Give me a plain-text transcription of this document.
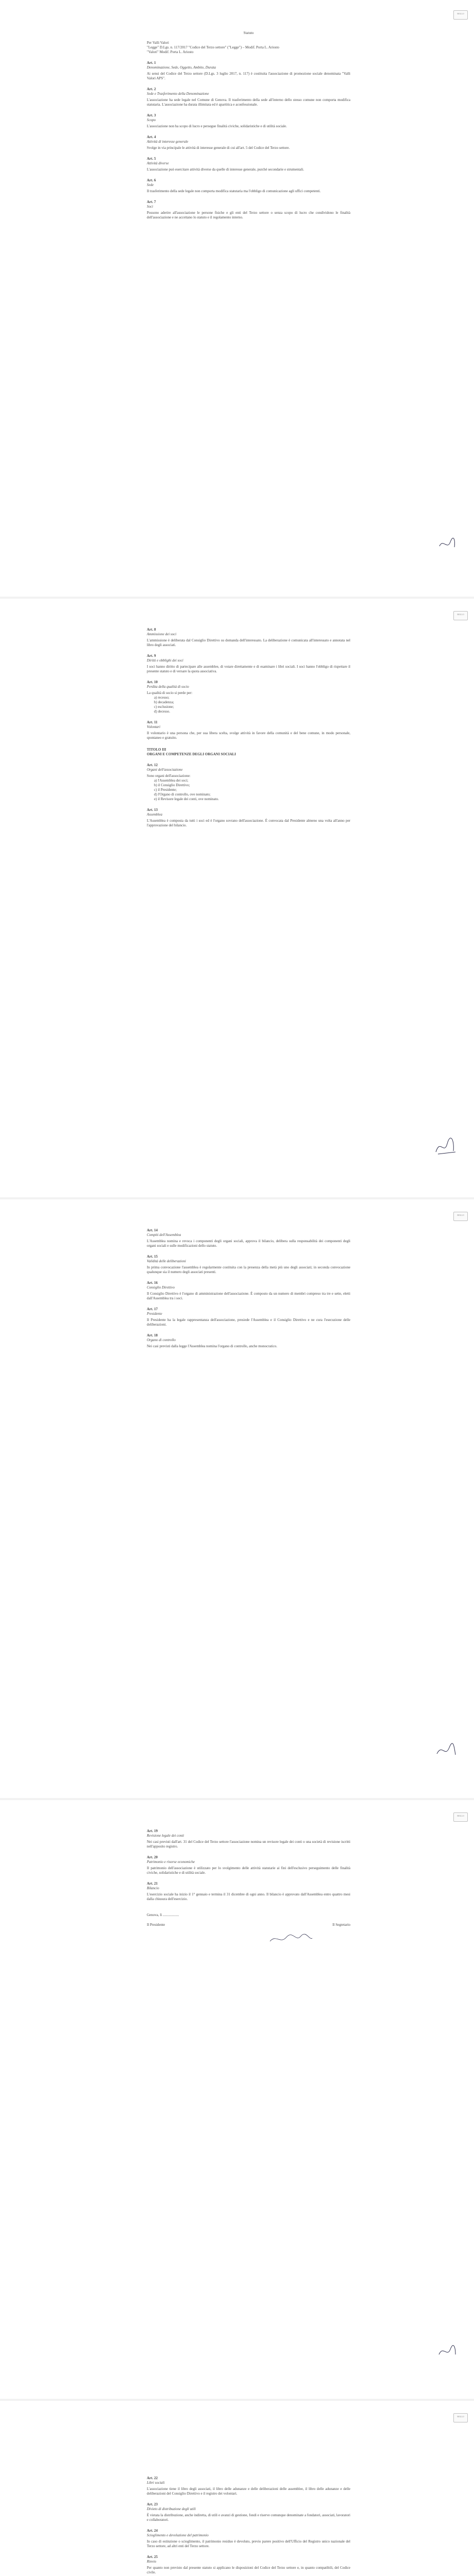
Statuto
Per Valli Valori
"Legge" D.Lgs. n. 117/2017 "Codice del Terzo settore" ("Legge") – Modif. Porta L. Ariosto
"Valori" Modif. Porta L. Ariosto
Art. 1
Denominazione, Sede, Oggetto, Ambito, Durata
Ai sensi del Codice del Terzo settore (D.Lgs. 3 luglio 2017, n. 117) è costituita l'associazione di promozione sociale denominata "Valli Valori APS".
Art. 2
Sede e Trasferimento della Denominazione
L'associazione ha sede legale nel Comune di Genova. Il trasferimento della sede all'interno dello stesso comune non comporta modifica statutaria. L'associazione ha durata illimitata ed è apartitica e aconfessionale.
Art. 3
Scopo
L'associazione non ha scopo di lucro e persegue finalità civiche, solidaristiche e di utilità sociale.
Art. 4
Attività di interesse generale
Svolge in via principale le attività di interesse generale di cui all'art. 5 del Codice del Terzo settore.
Art. 5
Attività diverse
L'associazione può esercitare attività diverse da quelle di interesse generale, purché secondarie e strumentali.
Art. 6
Sede
Il trasferimento della sede legale non comporta modifica statutaria ma l'obbligo di comunicazione agli uffici competenti.
Art. 7
Soci
Possono aderire all'associazione le persone fisiche e gli enti del Terzo settore o senza scopo di lucro che condividono le finalità dell'associazione e ne accettano lo statuto e il regolamento interno.
BOLLO
Art. 8
Ammissione dei soci
L'ammissione è deliberata dal Consiglio Direttivo su domanda dell'interessato. La deliberazione è comunicata all'interessato e annotata nel libro degli associati.
Art. 9
Diritti e obblighi dei soci
I soci hanno diritto di partecipare alle assemblee, di votare direttamente e di esaminare i libri sociali. I soci hanno l'obbligo di rispettare il presente statuto e di versare la quota associativa.
Art. 10
Perdita della qualità di socio
La qualità di socio si perde per:
a) recesso;
b) decadenza;
c) esclusione;
d) decesso.
Art. 11
Volontari
Il volontario è una persona che, per sua libera scelta, svolge attività in favore della comunità e del bene comune, in modo personale, spontaneo e gratuito.
TITOLO III
ORGANI E COMPETENZE DEGLI ORGANI SOCIALI
Art. 12
Organi dell'associazione
Sono organi dell'associazione:
a) l'Assemblea dei soci;
b) il Consiglio Direttivo;
c) il Presidente;
d) l'Organo di controllo, ove nominato;
e) il Revisore legale dei conti, ove nominato.
Art. 13
Assemblea
L'Assemblea è composta da tutti i soci ed è l'organo sovrano dell'associazione. È convocata dal Presidente almeno una volta all'anno per l'approvazione del bilancio.
BOLLO
Art. 14
Compiti dell'Assemblea
L'Assemblea nomina e revoca i componenti degli organi sociali, approva il bilancio, delibera sulla responsabilità dei componenti degli organi sociali e sulle modificazioni dello statuto.
Art. 15
Validità delle deliberazioni
In prima convocazione l'assemblea è regolarmente costituita con la presenza della metà più uno degli associati; in seconda convocazione qualunque sia il numero degli associati presenti.
Art. 16
Consiglio Direttivo
Il Consiglio Direttivo è l'organo di amministrazione dell'associazione. È composto da un numero di membri compreso tra tre e sette, eletti dall'Assemblea tra i soci.
Art. 17
Presidente
Il Presidente ha la legale rappresentanza dell'associazione, presiede l'Assemblea e il Consiglio Direttivo e ne cura l'esecuzione delle deliberazioni.
Art. 18
Organo di controllo
Nei casi previsti dalla legge l'Assemblea nomina l'organo di controllo, anche monocratico.
BOLLO
Art. 19
Revisione legale dei conti
Nei casi previsti dall'art. 31 del Codice del Terzo settore l'associazione nomina un revisore legale dei conti o una società di revisione iscritti nell'apposito registro.
Art. 20
Patrimonio e risorse economiche
Il patrimonio dell'associazione è utilizzato per lo svolgimento delle attività statutarie ai fini dell'esclusivo perseguimento delle finalità civiche, solidaristiche e di utilità sociale.
Art. 21
Bilancio
L'esercizio sociale ha inizio il 1° gennaio e termina il 31 dicembre di ogni anno. Il bilancio è approvato dall'Assemblea entro quattro mesi dalla chiusura dell'esercizio.
Genova, lì ..................
Il Presidente	Il Segretario
BOLLO
Art. 22
Libri sociali
L'associazione tiene il libro degli associati, il libro delle adunanze e delle deliberazioni delle assemblee, il libro delle adunanze e delle deliberazioni del Consiglio Direttivo e il registro dei volontari.
Art. 23
Divieto di distribuzione degli utili
È vietata la distribuzione, anche indiretta, di utili e avanzi di gestione, fondi e riserve comunque denominate a fondatori, associati, lavoratori e collaboratori.
Art. 24
Scioglimento e devoluzione del patrimonio
In caso di estinzione o scioglimento, il patrimonio residuo è devoluto, previo parere positivo dell'Ufficio del Registro unico nazionale del Terzo settore, ad altri enti del Terzo settore.
Art. 25
Rinvio
Per quanto non previsto dal presente statuto si applicano le disposizioni del Codice del Terzo settore e, in quanto compatibili, del Codice civile.
BOLLO
